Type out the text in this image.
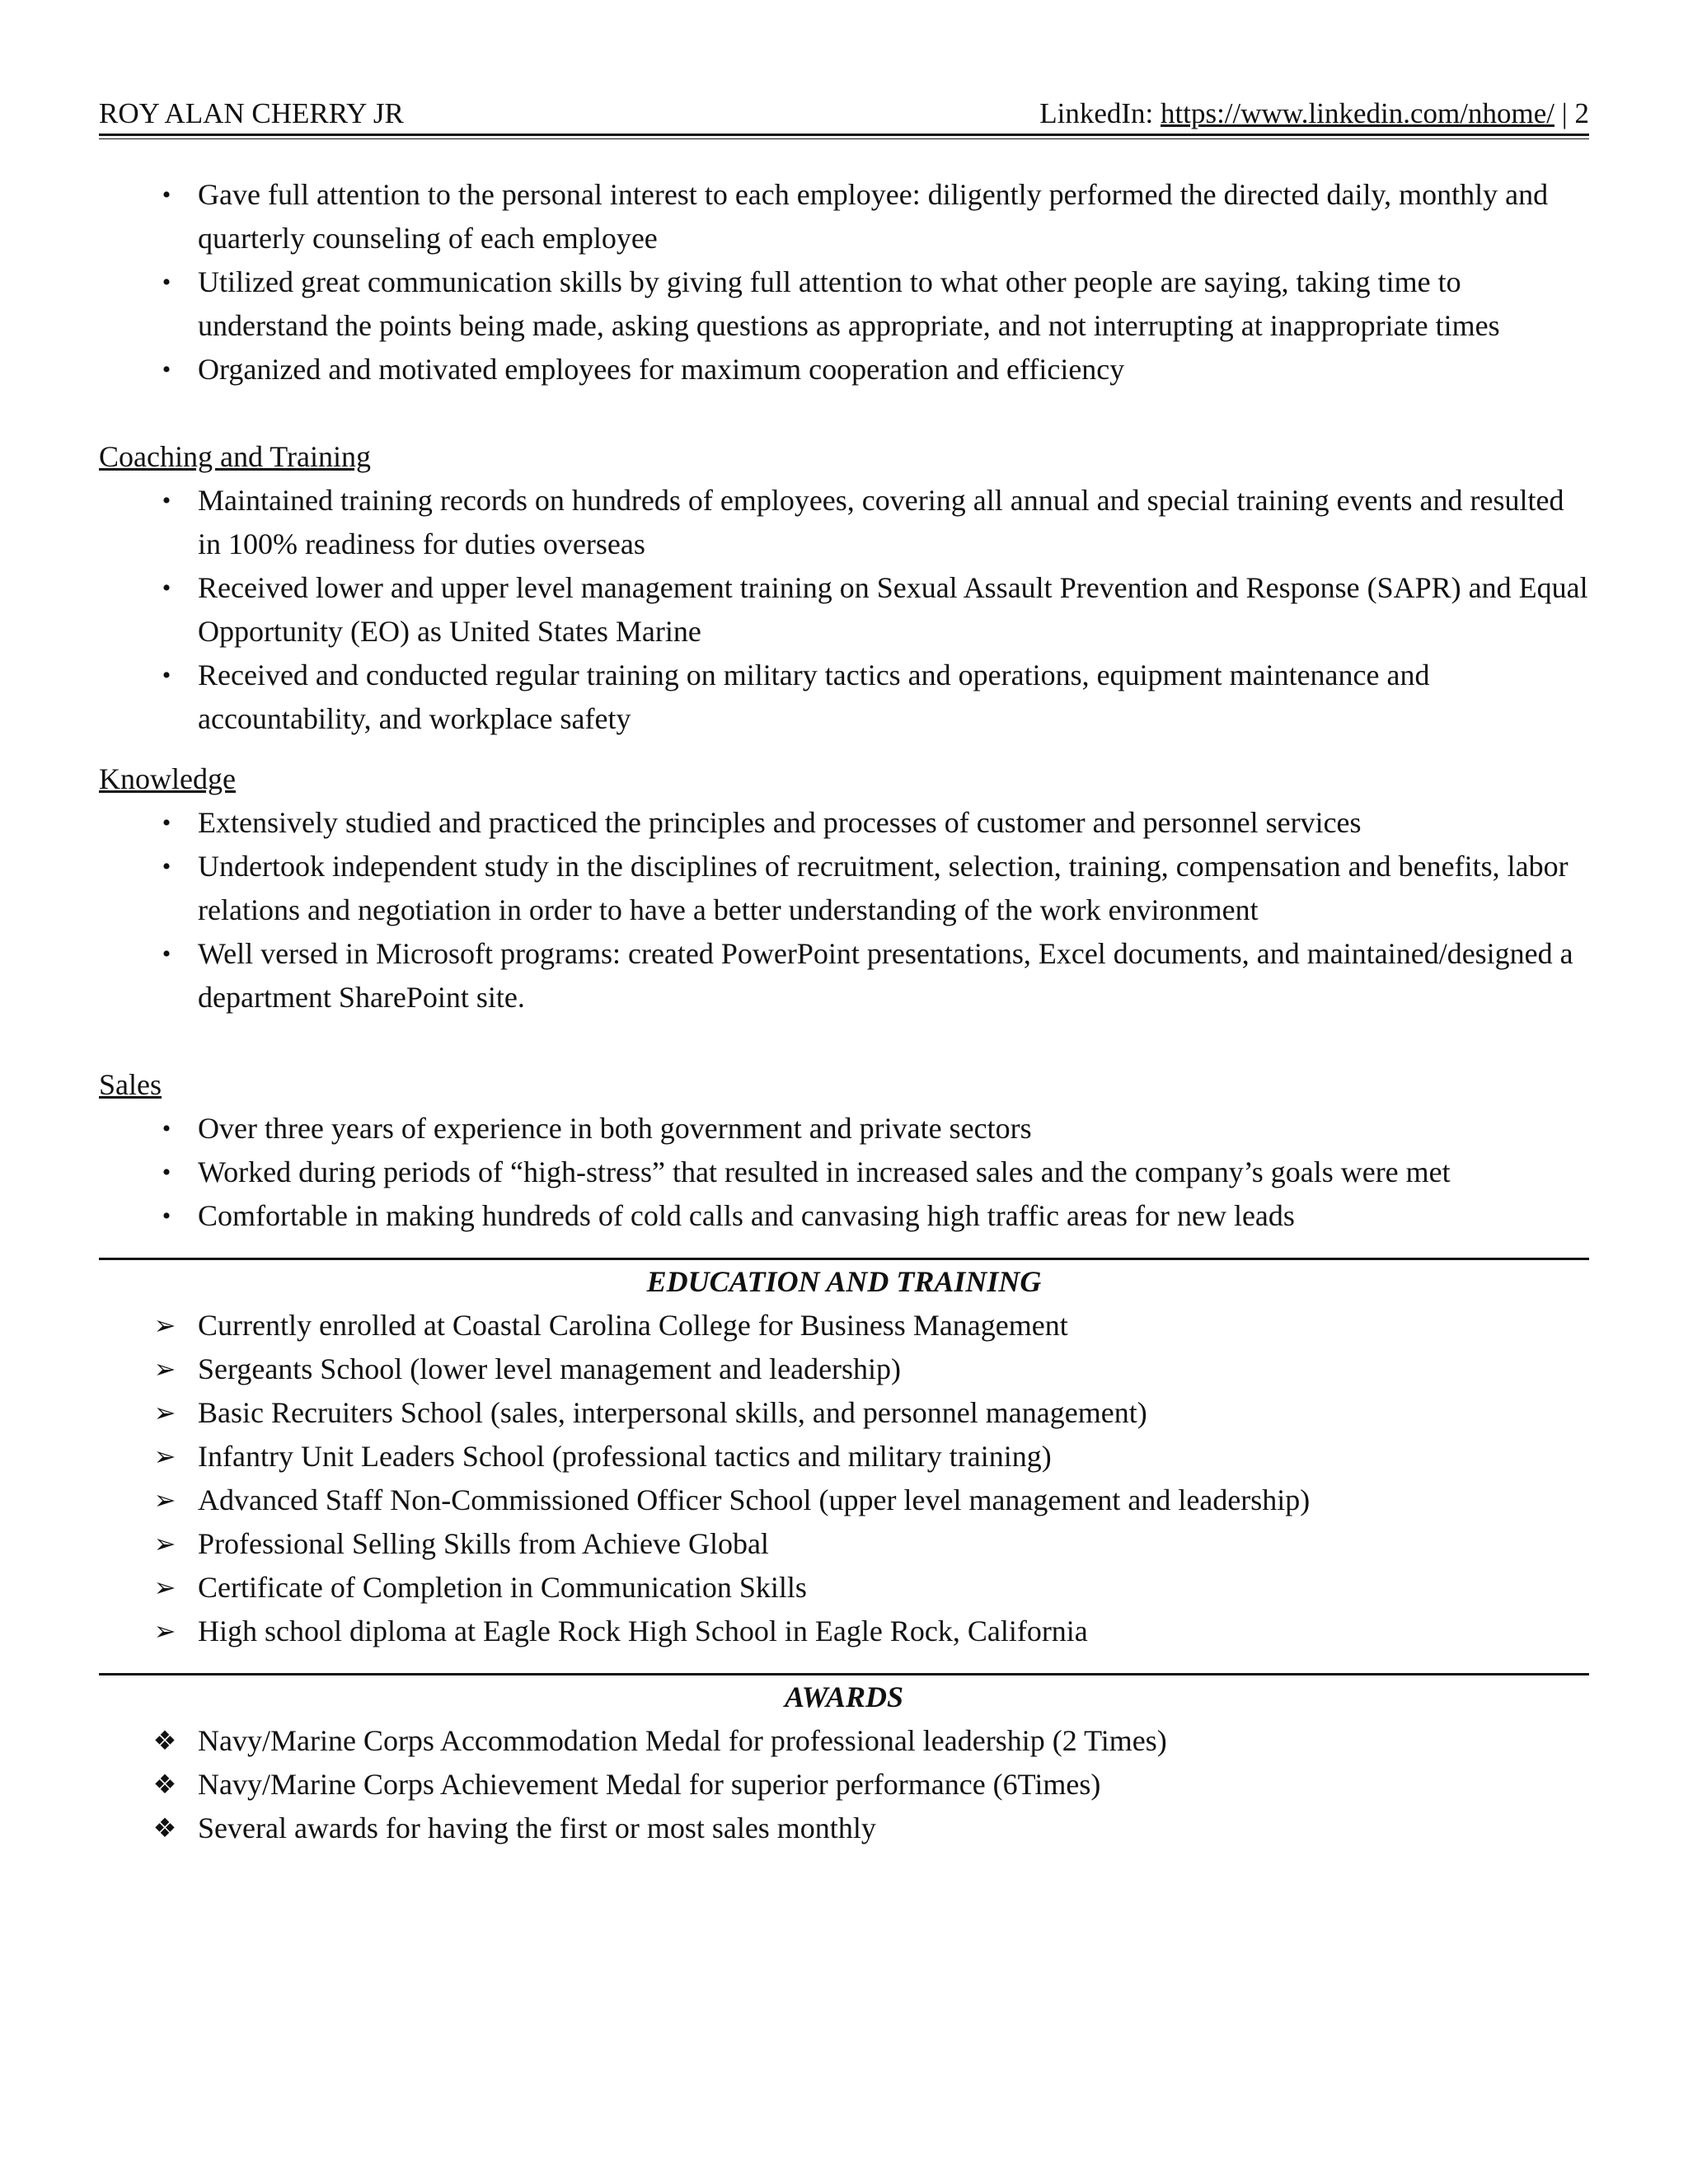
ROY ALAN CHERRY JR	LinkedIn: https://www.linkedin.com/nhome/ | 2
• Gave full attention to the personal interest to each employee: diligently performed the directed daily, monthly and quarterly counseling of each employee
• Utilized great communication skills by giving full attention to what other people are saying, taking time to understand the points being made, asking questions as appropriate, and not interrupting at inappropriate times
• Organized and motivated employees for maximum cooperation and efficiency

Coaching and Training

• Maintained training records on hundreds of employees, covering all annual and special training events and resulted in 100% readiness for duties overseas
• Received lower and upper level management training on Sexual Assault Prevention and Response (SAPR) and Equal Opportunity (EO) as United States Marine
• Received and conducted regular training on military tactics and operations, equipment maintenance and accountability, and workplace safety

Knowledge

• Extensively studied and practiced the principles and processes of customer and personnel services
• Undertook independent study in the disciplines of recruitment, selection, training, compensation and benefits, labor relations and negotiation in order to have a better understanding of the work environment
• Well versed in Microsoft programs: created PowerPoint presentations, Excel documents, and maintained/designed a department SharePoint site.

Sales

• Over three years of experience in both government and private sectors
• Worked during periods of “high-stress” that resulted in increased sales and the company’s goals were met
• Comfortable in making hundreds of cold calls and canvasing high traffic areas for new leads

EDUCATION AND TRAINING

➢ Currently enrolled at Coastal Carolina College for Business Management
➢ Sergeants School (lower level management and leadership)
➢ Basic Recruiters School (sales, interpersonal skills, and personnel management)
➢ Infantry Unit Leaders School (professional tactics and military training)
➢ Advanced Staff Non-Commissioned Officer School (upper level management and leadership)
➢ Professional Selling Skills from Achieve Global
➢ Certificate of Completion in Communication Skills
➢ High school diploma at Eagle Rock High School in Eagle Rock, California

AWARDS

❖ Navy/Marine Corps Accommodation Medal for professional leadership (2 Times)
❖ Navy/Marine Corps Achievement Medal for superior performance (6Times)
❖ Several awards for having the first or most sales monthly
